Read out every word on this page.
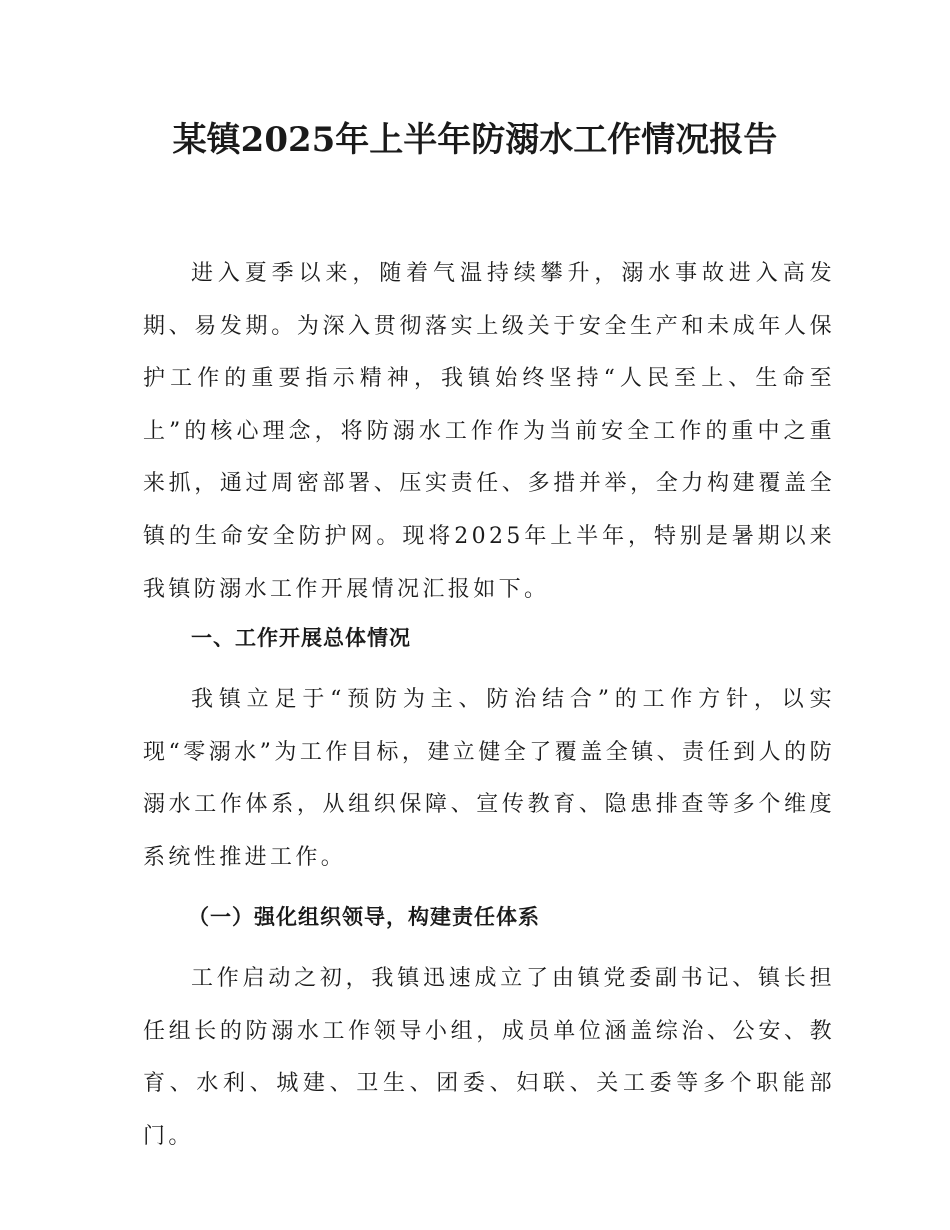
某镇2025年上半年防溺水工作情况报告

进入夏季以来，随着气温持续攀升，溺水事故进入高发期、易发期。为深入贯彻落实上级关于安全生产和未成年人保护工作的重要指示精神，我镇始终坚持“人民至上、生命至上”的核心理念，将防溺水工作作为当前安全工作的重中之重来抓，通过周密部署、压实责任、多措并举，全力构建覆盖全镇的生命安全防护网。现将2025年上半年，特别是暑期以来我镇防溺水工作开展情况汇报如下。

一、工作开展总体情况

我镇立足于“预防为主、防治结合”的工作方针，以实现“零溺水”为工作目标，建立健全了覆盖全镇、责任到人的防溺水工作体系，从组织保障、宣传教育、隐患排查等多个维度系统性推进工作。

（一）强化组织领导，构建责任体系

工作启动之初，我镇迅速成立了由镇党委副书记、镇长担任组长的防溺水工作领导小组，成员单位涵盖综治、公安、教育、水利、城建、卫生、团委、妇联、关工委等多个职能部门。
